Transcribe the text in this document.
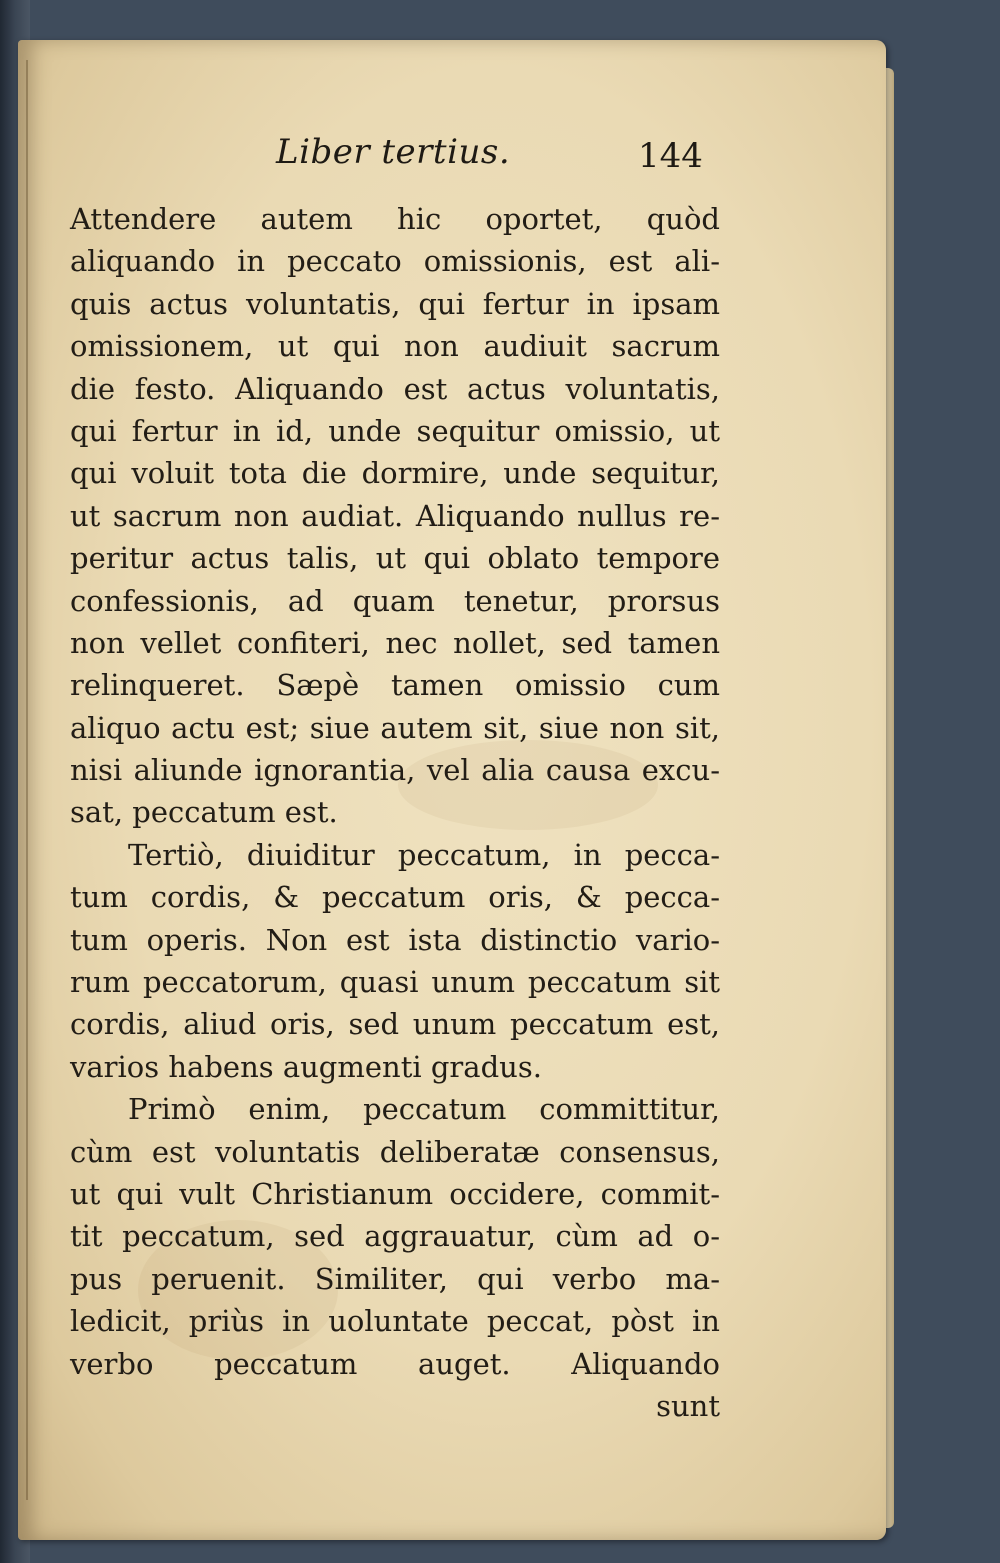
Liber tertius.	144
Attendere autem hic oportet, quòd
aliquando in peccato omissionis, est ali-
quis actus voluntatis, qui fertur in ipsam
omissionem, ut qui non audiuit sacrum
die festo. Aliquando est actus voluntatis,
qui fertur in id, unde sequitur omissio, ut
qui voluit tota die dormire, unde sequitur,
ut sacrum non audiat. Aliquando nullus re-
peritur actus talis, ut qui oblato tempore
confessionis, ad quam tenetur, prorsus
non vellet confiteri, nec nollet, sed tamen
relinqueret. Sæpè tamen omissio cum
aliquo actu est; siue autem sit, siue non sit,
nisi aliunde ignorantia, vel alia causa excu-
sat, peccatum est.
Tertiò, diuiditur peccatum, in pecca-
tum cordis, & peccatum oris, & pecca-
tum operis. Non est ista distinctio vario-
rum peccatorum, quasi unum peccatum sit
cordis, aliud oris, sed unum peccatum est,
varios habens augmenti gradus.
Primò enim, peccatum committitur,
cùm est voluntatis deliberatæ consensus,
ut qui vult Christianum occidere, commit-
tit peccatum, sed aggrauatur, cùm ad o-
pus peruenit. Similiter, qui verbo ma-
ledicit, priùs in uoluntate peccat, pòst in
verbo peccatum auget. Aliquando
sunt
